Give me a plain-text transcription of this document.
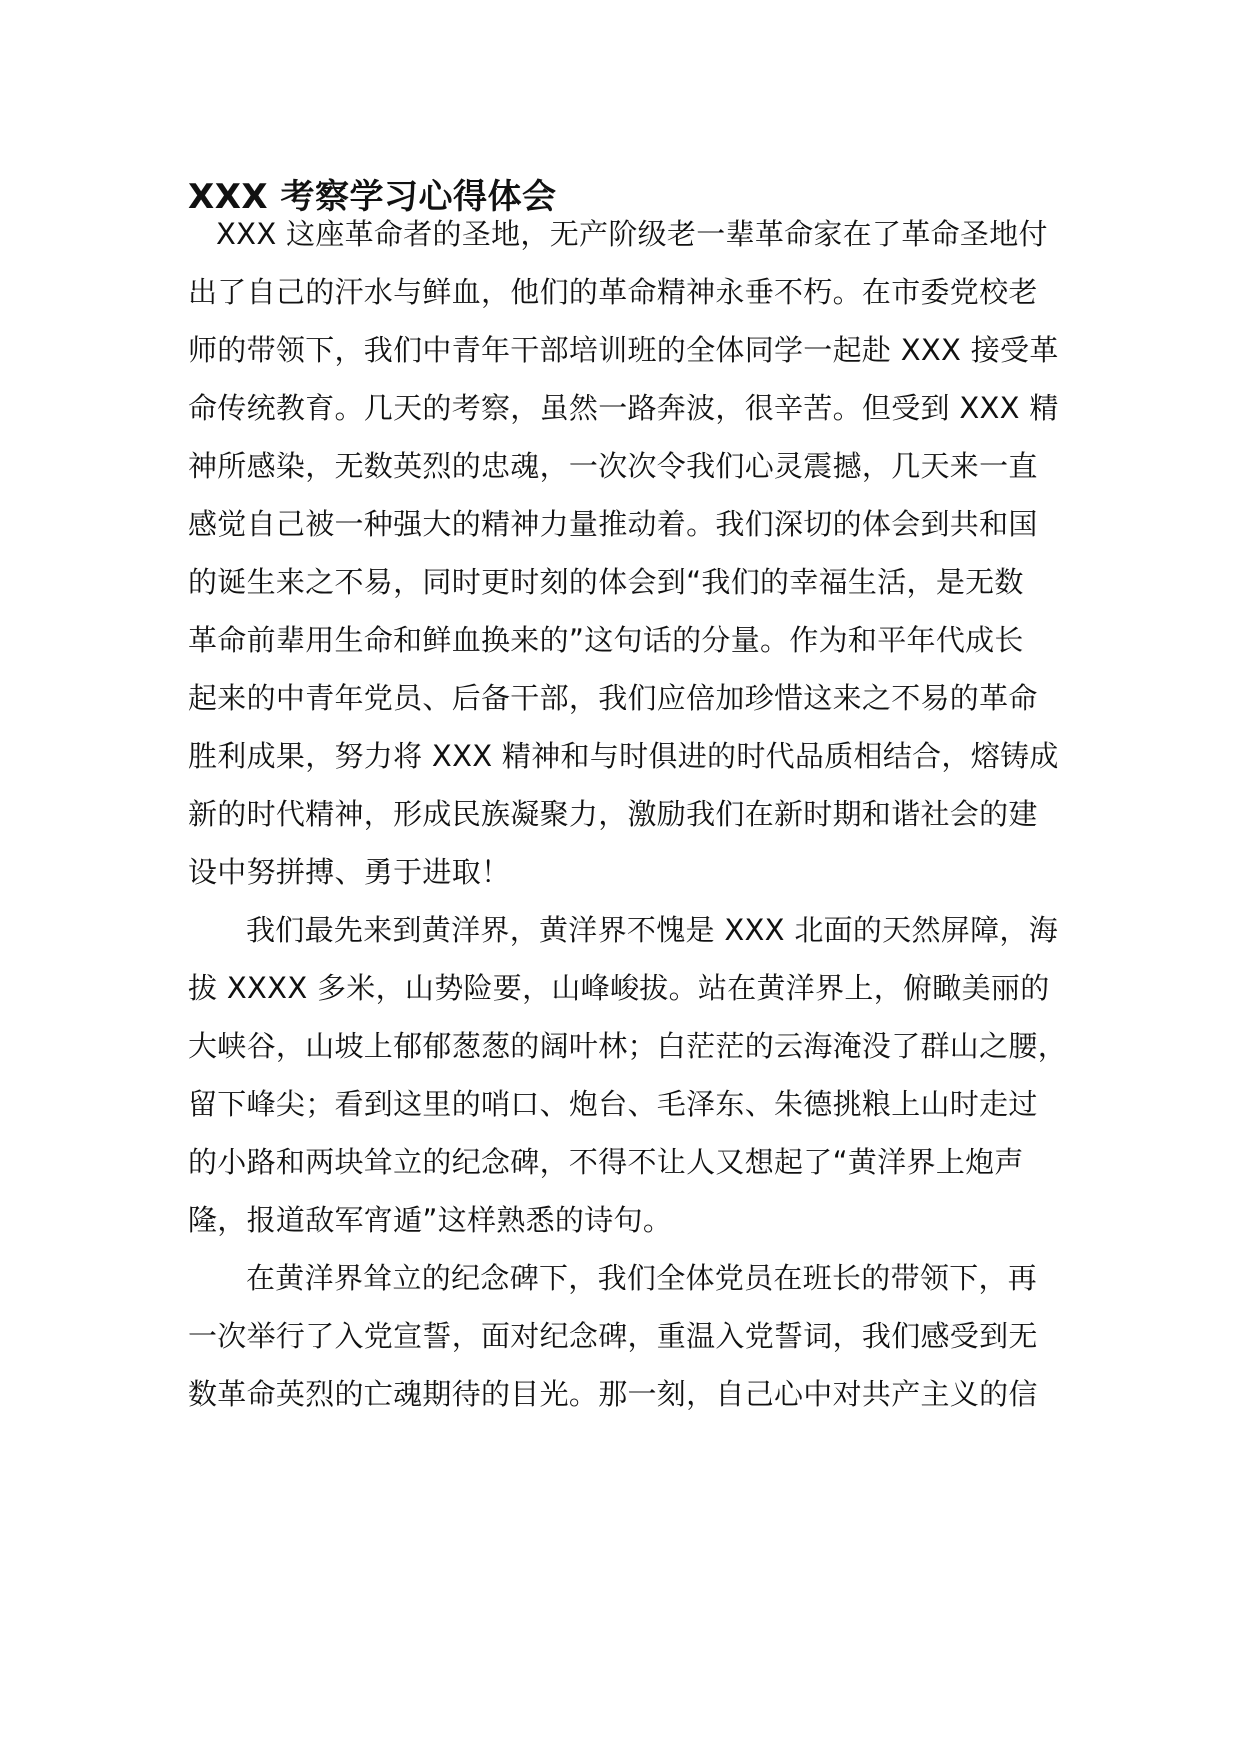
XXX 考察学习心得体会

XXX 这座革命者的圣地，无产阶级老一辈革命家在了革命圣地付

出了自己的汗水与鲜血，他们的革命精神永垂不朽。在市委党校老

师的带领下，我们中青年干部培训班的全体同学一起赴 XXX 接受革

命传统教育。几天的考察，虽然一路奔波，很辛苦。但受到 XXX 精

神所感染，无数英烈的忠魂，一次次令我们心灵震撼，几天来一直

感觉自己被一种强大的精神力量推动着。我们深切的体会到共和国

的诞生来之不易，同时更时刻的体会到“我们的幸福生活，是无数

革命前辈用生命和鲜血换来的”这句话的分量。作为和平年代成长

起来的中青年党员、后备干部，我们应倍加珍惜这来之不易的革命

胜利成果，努力将 XXX 精神和与时俱进的时代品质相结合，熔铸成

新的时代精神，形成民族凝聚力，激励我们在新时期和谐社会的建

设中努拼搏、勇于进取！

我们最先来到黄洋界，黄洋界不愧是 XXX 北面的天然屏障，海

拔 XXXX 多米，山势险要，山峰峻拔。站在黄洋界上，俯瞰美丽的

大峡谷，山坡上郁郁葱葱的阔叶林；白茫茫的云海淹没了群山之腰，

留下峰尖；看到这里的哨口、炮台、毛泽东、朱德挑粮上山时走过

的小路和两块耸立的纪念碑，不得不让人又想起了“黄洋界上炮声

隆，报道敌军宵遁”这样熟悉的诗句。

在黄洋界耸立的纪念碑下，我们全体党员在班长的带领下，再

一次举行了入党宣誓，面对纪念碑，重温入党誓词，我们感受到无

数革命英烈的亡魂期待的目光。那一刻，自己心中对共产主义的信
